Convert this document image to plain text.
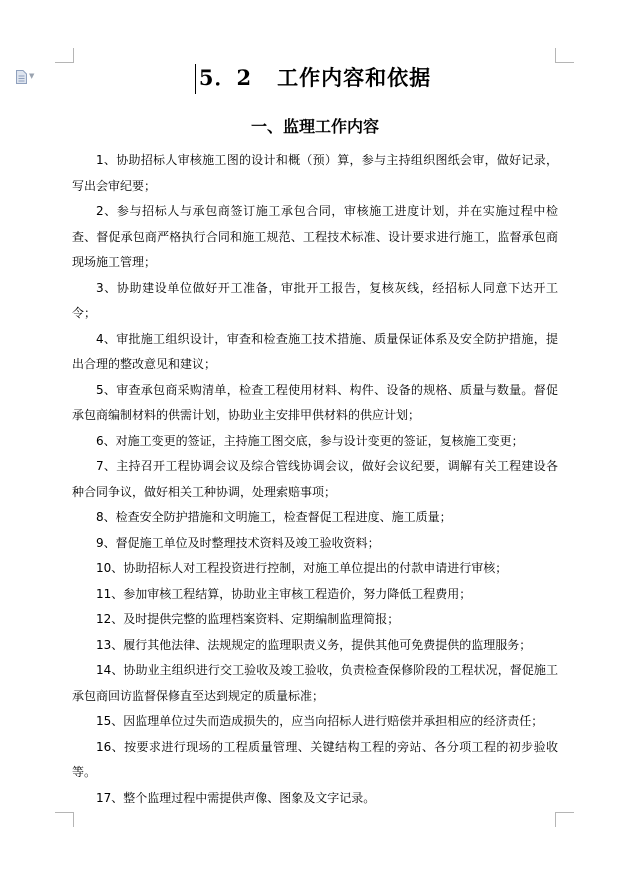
▼	5．2   工作内容和依据
一、监理工作内容

1、协助招标人审核施工图的设计和概（预）算，参与主持组织图纸会审，做好记录，写出会审纪要；

2、参与招标人与承包商签订施工承包合同，审核施工进度计划，并在实施过程中检查、督促承包商严格执行合同和施工规范、工程技术标准、设计要求进行施工，监督承包商现场施工管理；

3、协助建设单位做好开工准备，审批开工报告，复核灰线，经招标人同意下达开工令；

4、审批施工组织设计，审查和检查施工技术措施、质量保证体系及安全防护措施，提出合理的整改意见和建议；

5、审查承包商采购清单，检查工程使用材料、构件、设备的规格、质量与数量。督促承包商编制材料的供需计划，协助业主安排甲供材料的供应计划；

6、对施工变更的签证，主持施工图交底，参与设计变更的签证，复核施工变更；

7、主持召开工程协调会议及综合管线协调会议，做好会议纪要，调解有关工程建设各种合同争议，做好相关工种协调，处理索赔事项；

8、检查安全防护措施和文明施工，检查督促工程进度、施工质量；

9、督促施工单位及时整理技术资料及竣工验收资料；

10、协助招标人对工程投资进行控制，对施工单位提出的付款申请进行审核；

11、参加审核工程结算，协助业主审核工程造价，努力降低工程费用；

12、及时提供完整的监理档案资料、定期编制监理简报；

13、履行其他法律、法规规定的监理职责义务，提供其他可免费提供的监理服务；

14、协助业主组织进行交工验收及竣工验收，负责检查保修阶段的工程状况，督促施工承包商回访监督保修直至达到规定的质量标准；

15、因监理单位过失而造成损失的，应当向招标人进行赔偿并承担相应的经济责任；

16、按要求进行现场的工程质量管理、关键结构工程的旁站、各分项工程的初步验收等。

17、整个监理过程中需提供声像、图象及文字记录。
